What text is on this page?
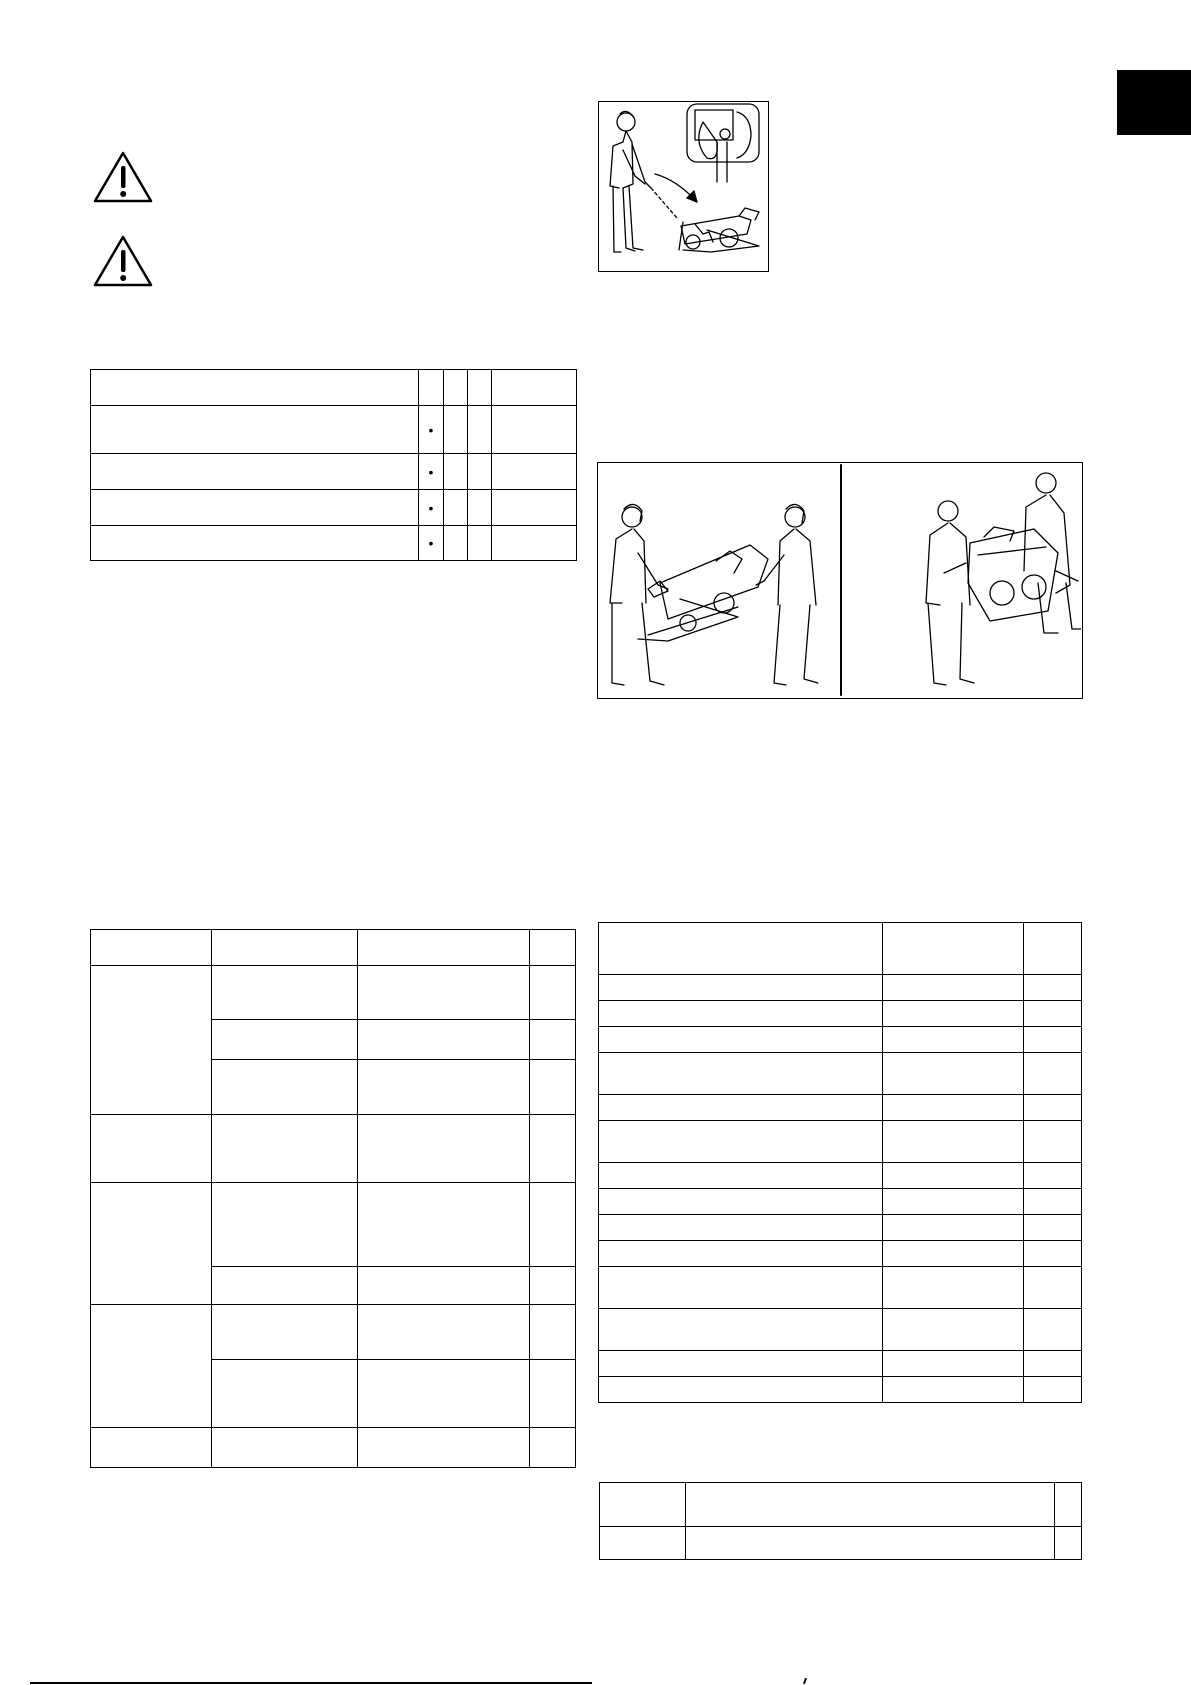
	•			
	•			
	•			
	•			
